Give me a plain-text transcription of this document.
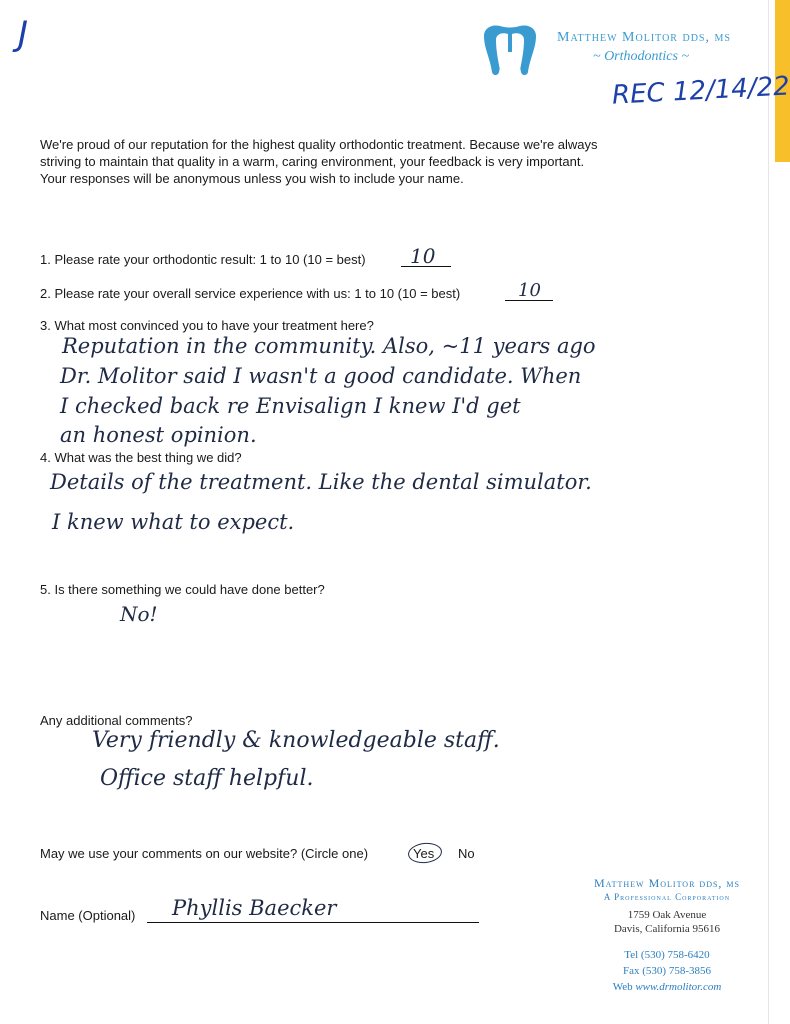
J	Matthew Molitor dds, ms
~ Orthodontics ~
REC 12/14/22
We're proud of our reputation for the highest quality orthodontic treatment. Because we're always
striving to maintain that quality in a warm, caring environment, your feedback is very important.
Your responses will be anonymous unless you wish to include your name.
1. Please rate your orthodontic result: 1 to 10 (10 = best) 10
2. Please rate your overall service experience with us: 1 to 10 (10 = best)	10
3. What most convinced you to have your treatment here?
Reputation in the community. Also, ~11 years ago
Dr. Molitor said I wasn't a good candidate. When
I checked back re Envisalign I knew I'd get
an honest opinion.
4. What was the best thing we did?
Details of the treatment. Like the dental simulator.
I knew what to expect.
5. Is there something we could have done better?
No!
Any additional comments?
Very friendly & knowledgeable staff.
Office staff helpful.
May we use your comments on our website? (Circle one)	Yes No
Name (Optional) Phyllis Baecker
Matthew Molitor dds, ms
A Professional Corporation
1759 Oak Avenue
Davis, California 95616
Tel (530) 758-6420
Fax (530) 758-3856
Web www.drmolitor.com
